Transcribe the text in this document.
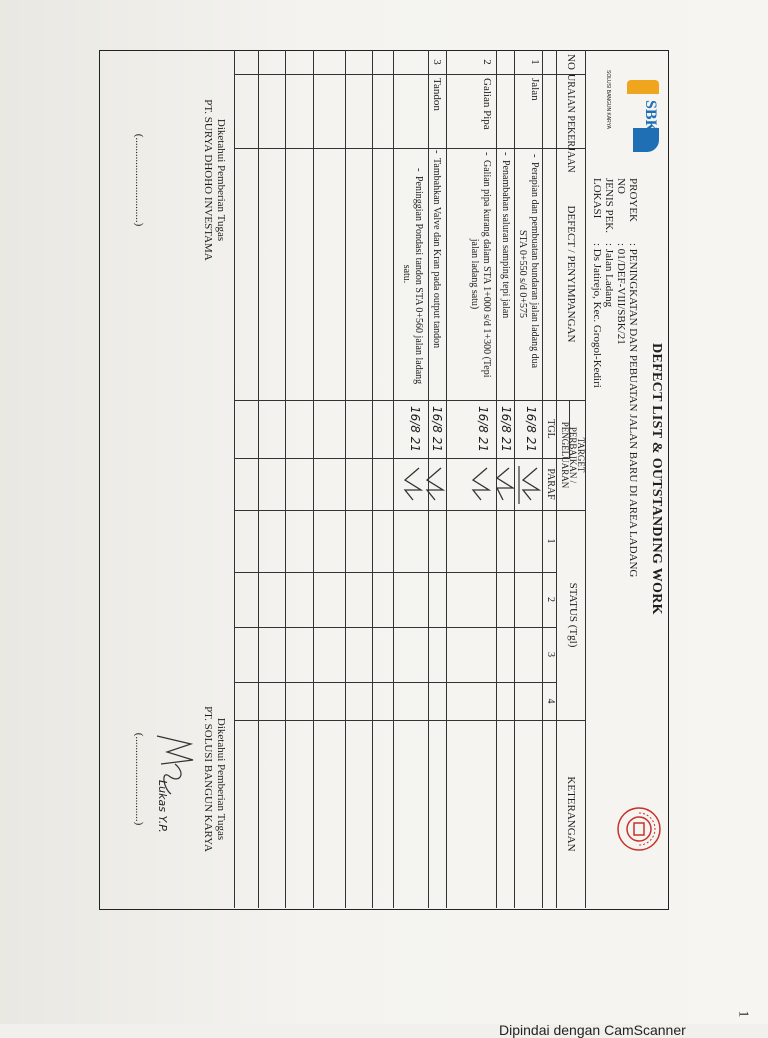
SBK
SOLUSI BANGUN KARYA
DEFECT LIST & OUTSTANDING WORK
PROYEK
: PENINGKATAN DAN PEBUATAN JALAN BARU DI AREA LADANG
NO
: 01/DEF-VIII/SBK/21
JENIS PEK.
: Jalan Ladang
LOKASI
: Ds Jatirejo, Kec. Grogol-Kediri
NO
URAIAN PEKERJAAN
DEFECT / PENYIMPANGAN
TARGET
PERBAIKAN /
PENGELUARAN
TGL
PARAF
STATUS (Tgl)
1
2
3
4
KETERANGAN
1
Jalan
-
Perapian dan pembuatan bundaran jalan ladang dua
STA 0+550 s/d 0+575
16/8 21
-
Penambahan saluran samping tepi jalan
16/8 21
2
Galian Pipa
-
Galian pipa kurang dalam STA 1+000 s/d 1+300 (Tepi
jalan ladang satu)
16/8 21
3
Tandon
-
Tambahkan Valve dan Kran pada output tandon
16/8 21
-
Peninggian Pondasi tandon STA 0+560 jalan ladang
satu.
16/8 21
Diketahui Pemberian Tugas
PT. SURYA DHOHO INVESTAMA
(...............................)
Diketahui Pemberian Tugas
PT. SOLUSI BANGUN KARYA
Lukas Y.P.
(...............................)
1
Dipindai dengan CamScanner
